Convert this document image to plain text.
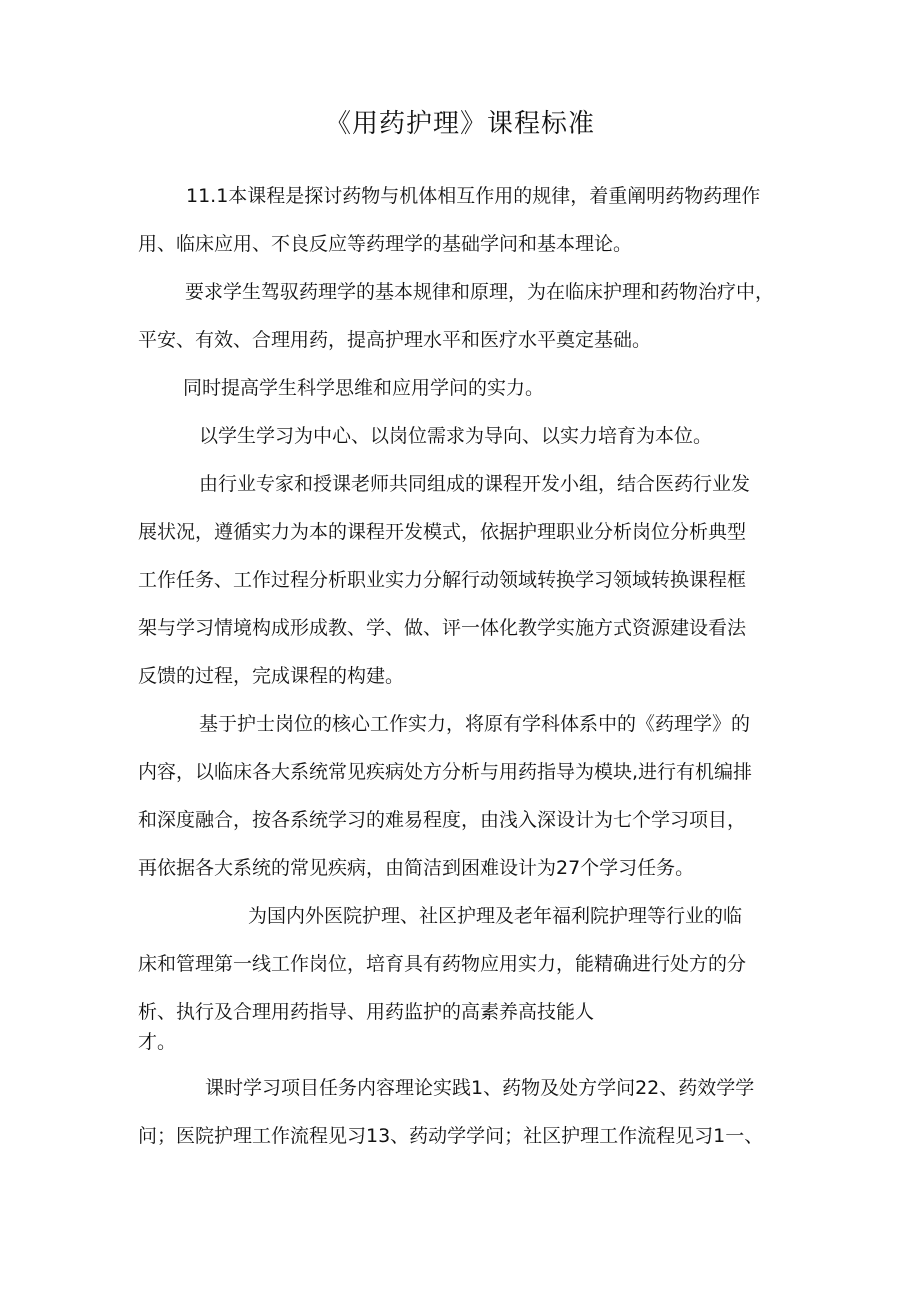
《用药护理》课程标准
11.1本课程是探讨药物与机体相互作用的规律，着重阐明药物药理作
用、临床应用、不良反应等药理学的基础学问和基本理论。
要求学生驾驭药理学的基本规律和原理，为在临床护理和药物治疗中，
平安、有效、合理用药，提高护理水平和医疗水平奠定基础。
同时提高学生科学思维和应用学问的实力。
以学生学习为中心、以岗位需求为导向、以实力培育为本位。
由行业专家和授课老师共同组成的课程开发小组，结合医药行业发
展状况，遵循实力为本的课程开发模式，依据护理职业分析岗位分析典型
工作任务、工作过程分析职业实力分解行动领域转换学习领域转换课程框
架与学习情境构成形成教、学、做、评一体化教学实施方式资源建设看法
反馈的过程，完成课程的构建。
基于护士岗位的核心工作实力，将原有学科体系中的《药理学》的
内容，以临床各大系统常见疾病处方分析与用药指导为模块,进行有机编排
和深度融合，按各系统学习的难易程度，由浅入深设计为七个学习项目，
再依据各大系统的常见疾病，由简洁到困难设计为27个学习任务。
为国内外医院护理、社区护理及老年福利院护理等行业的临
床和管理第一线工作岗位，培育具有药物应用实力，能精确进行处方的分
析、执行及合理用药指导、用药监护的高素养高技能人
才。
课时学习项目任务内容理论实践1、药物及处方学问22、药效学学
问；医院护理工作流程见习13、药动学学问；社区护理工作流程见习1一、
